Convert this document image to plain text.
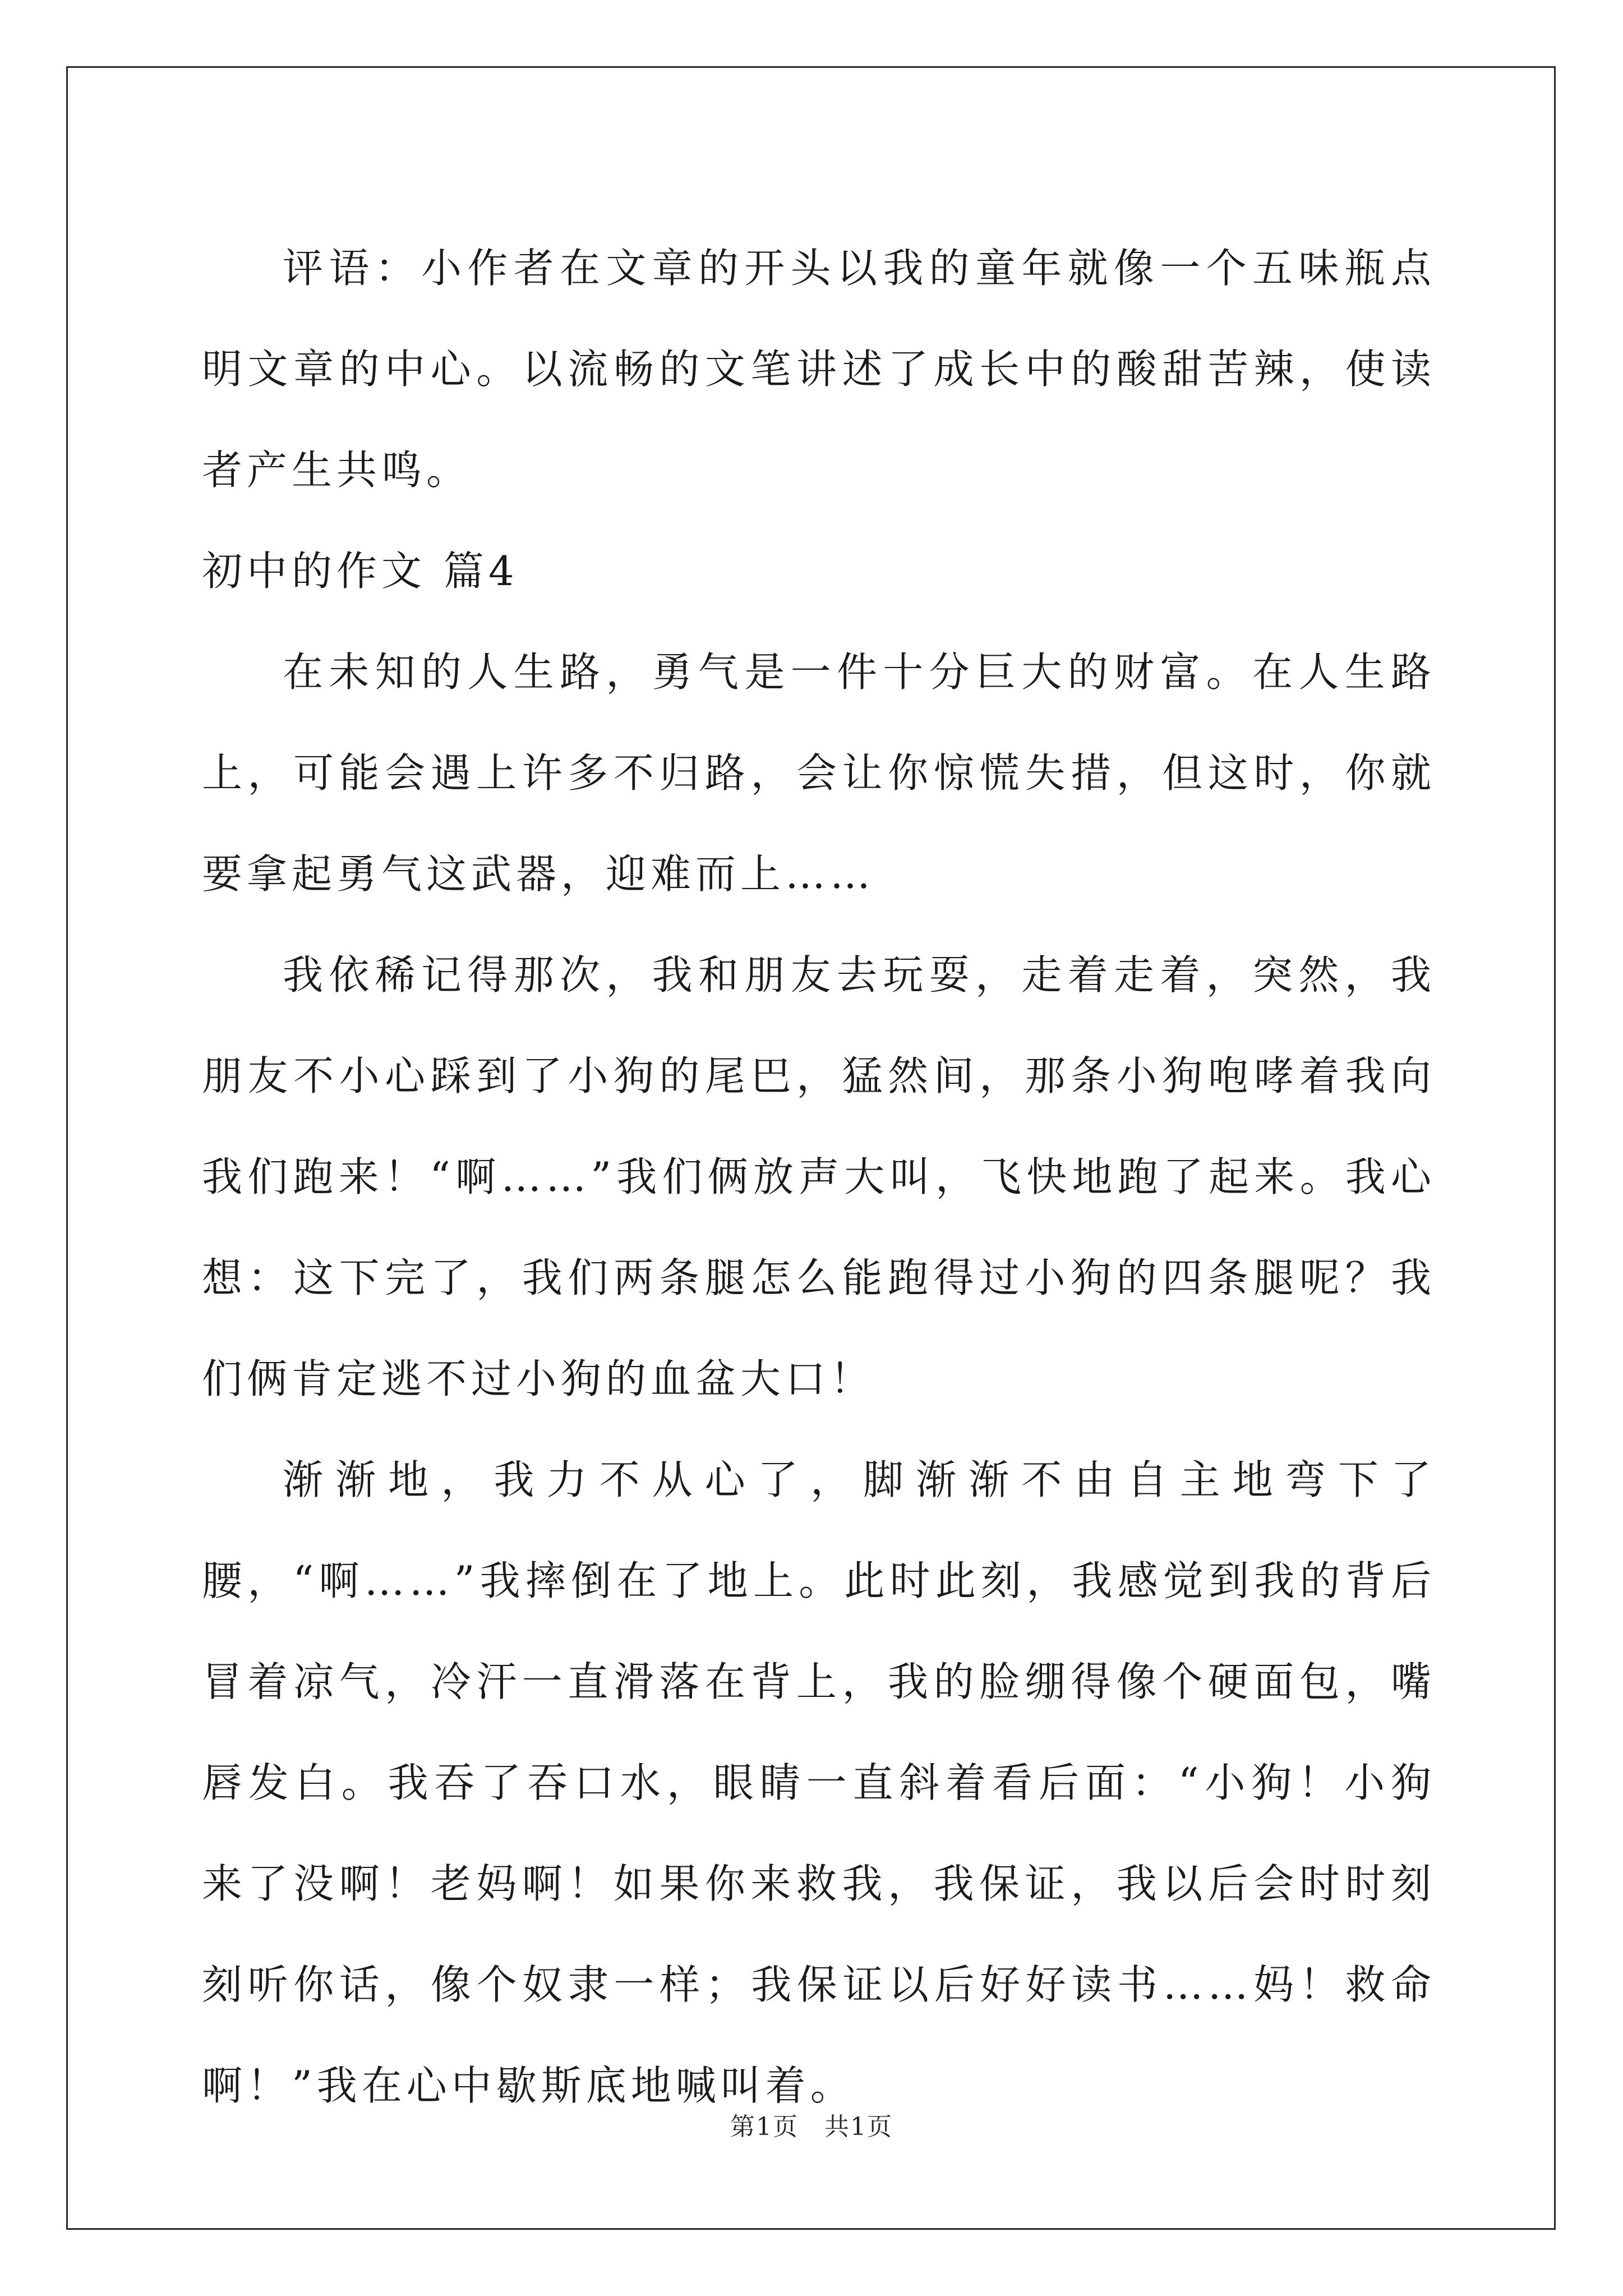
评语：小作者在文章的开头以我的童年就像一个五味瓶点明文章的中心。以流畅的文笔讲述了成长中的酸甜苦辣，使读者产生共鸣。

初中的作文 篇4

在未知的人生路，勇气是一件十分巨大的财富。在人生路上，可能会遇上许多不归路，会让你惊慌失措，但这时，你就要拿起勇气这武器，迎难而上……

我依稀记得那次，我和朋友去玩耍，走着走着，突然，我朋友不小心踩到了小狗的尾巴，猛然间，那条小狗咆哮着我向我们跑来！“啊……”我们俩放声大叫，飞快地跑了起来。我心想：这下完了，我们两条腿怎么能跑得过小狗的四条腿呢？我们俩肯定逃不过小狗的血盆大口！

渐渐地，我力不从心了，脚渐渐不由自主地弯下了腰，“啊……”我摔倒在了地上。此时此刻，我感觉到我的背后冒着凉气，冷汗一直滑落在背上，我的脸绷得像个硬面包，嘴唇发白。我吞了吞口水，眼睛一直斜着看后面：“小狗！小狗来了没啊！老妈啊！如果你来救我，我保证，我以后会时时刻刻听你话，像个奴隶一样；我保证以后好好读书……妈！救命啊！”我在心中歇斯底地喊叫着。

第1页　共1页
